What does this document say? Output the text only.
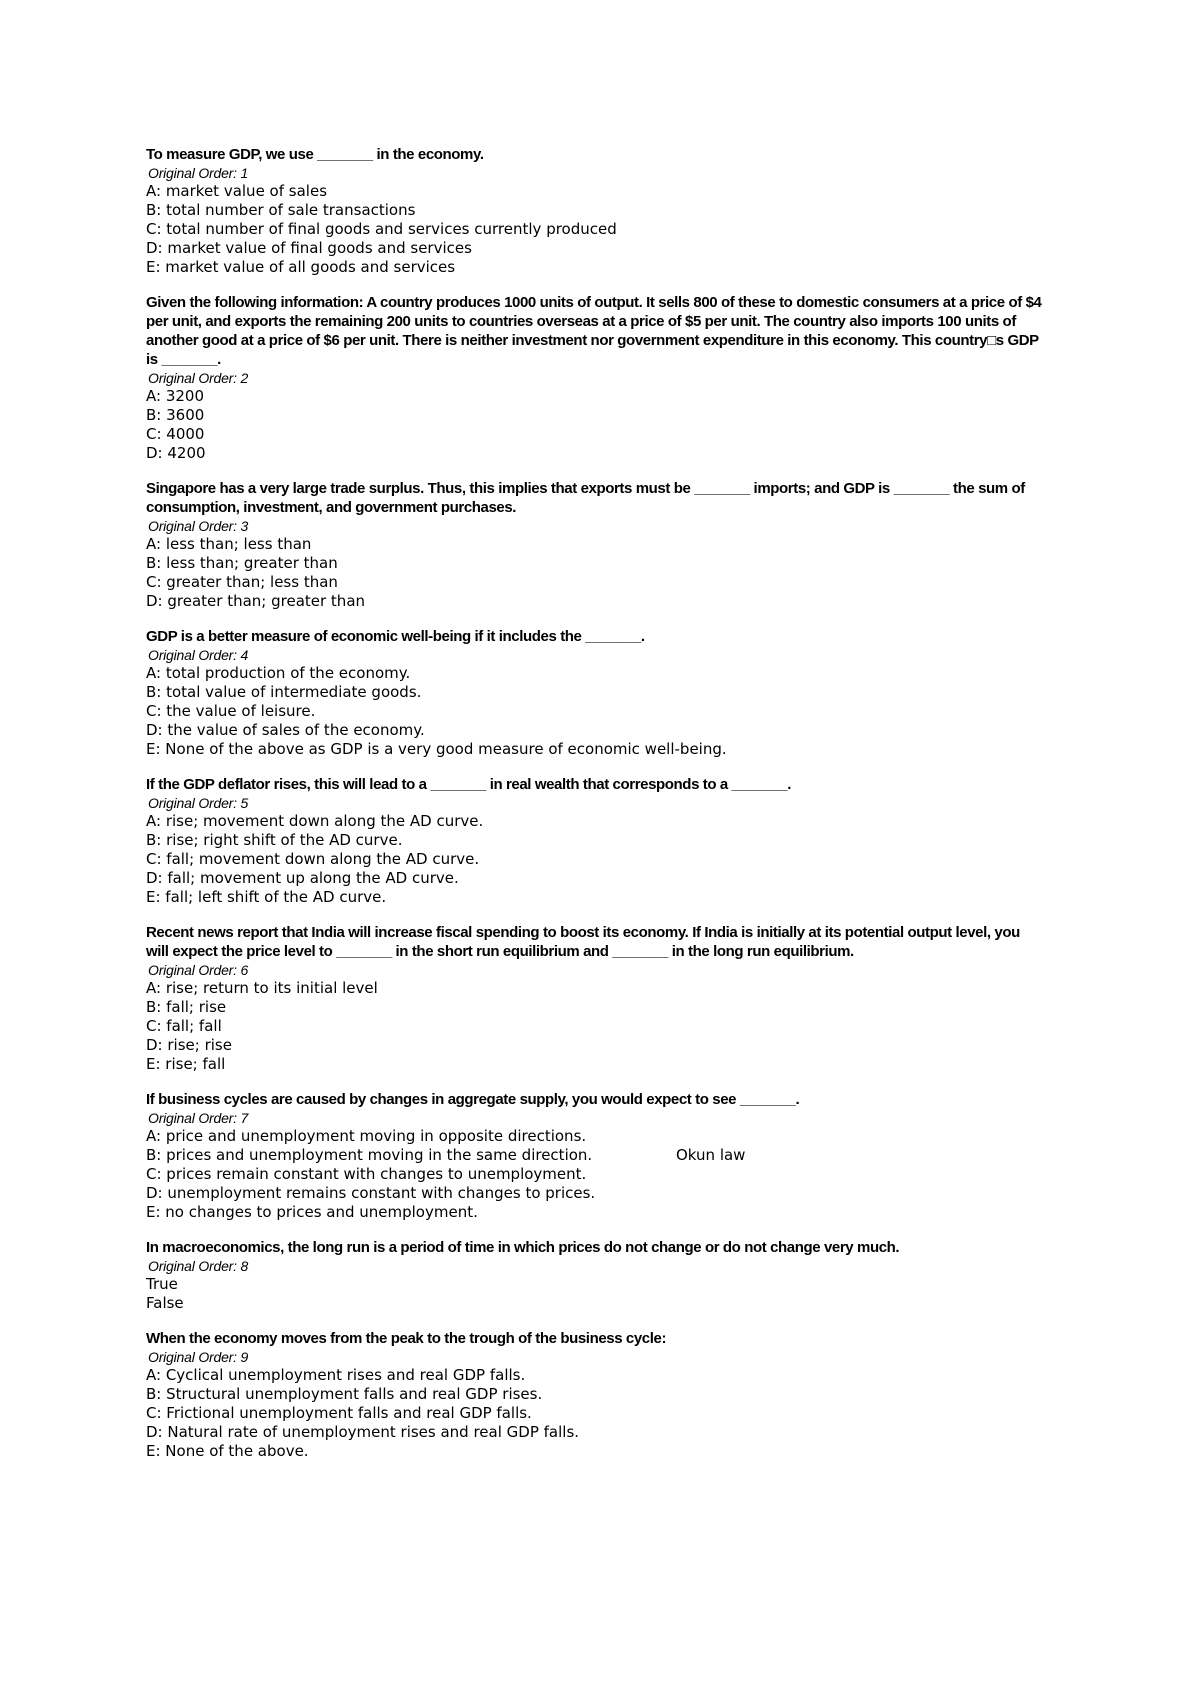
To measure GDP, we use _______ in the economy.

Original Order: 1
A: market value of sales
B: total number of sale transactions
C: total number of final goods and services currently produced
D: market value of final goods and services
E: market value of all goods and services

Given the following information: A country produces 1000 units of output. It sells 800 of these to domestic consumers at a price of $4 per unit, and exports the remaining 200 units to countries overseas at a price of $5 per unit. The country also imports 100 units of another good at a price of $6 per unit. There is neither investment nor government expenditure in this economy. This country□s GDP is _______.

Original Order: 2
A: 3200
B: 3600
C: 4000
D: 4200

Singapore has a very large trade surplus. Thus, this implies that exports must be _______ imports; and GDP is _______ the sum of consumption, investment, and government purchases.

Original Order: 3
A: less than; less than
B: less than; greater than
C: greater than; less than
D: greater than; greater than

GDP is a better measure of economic well-being if it includes the _______.

Original Order: 4
A: total production of the economy.
B: total value of intermediate goods.
C: the value of leisure.
D: the value of sales of the economy.
E: None of the above as GDP is a very good measure of economic well-being.

If the GDP deflator rises, this will lead to a _______ in real wealth that corresponds to a _______.

Original Order: 5
A: rise; movement down along the AD curve.
B: rise; right shift of the AD curve.
C: fall; movement down along the AD curve.
D: fall; movement up along the AD curve.
E: fall; left shift of the AD curve.

Recent news report that India will increase fiscal spending to boost its economy. If India is initially at its potential output level, you will expect the price level to _______ in the short run equilibrium and _______ in the long run equilibrium.

Original Order: 6
A: rise; return to its initial level
B: fall; rise
C: fall; fall
D: rise; rise
E: rise; fall

If business cycles are caused by changes in aggregate supply, you would expect to see _______.

Original Order: 7
A: price and unemployment moving in opposite directions.
B: prices and unemployment moving in the same direction.	Okun law
C: prices remain constant with changes to unemployment.
D: unemployment remains constant with changes to prices.
E: no changes to prices and unemployment.

In macroeconomics, the long run is a period of time in which prices do not change or do not change very much.

Original Order: 8
True
False

When the economy moves from the peak to the trough of the business cycle:

Original Order: 9
A: Cyclical unemployment rises and real GDP falls.
B: Structural unemployment falls and real GDP rises.
C: Frictional unemployment falls and real GDP falls.
D: Natural rate of unemployment rises and real GDP falls.
E: None of the above.
